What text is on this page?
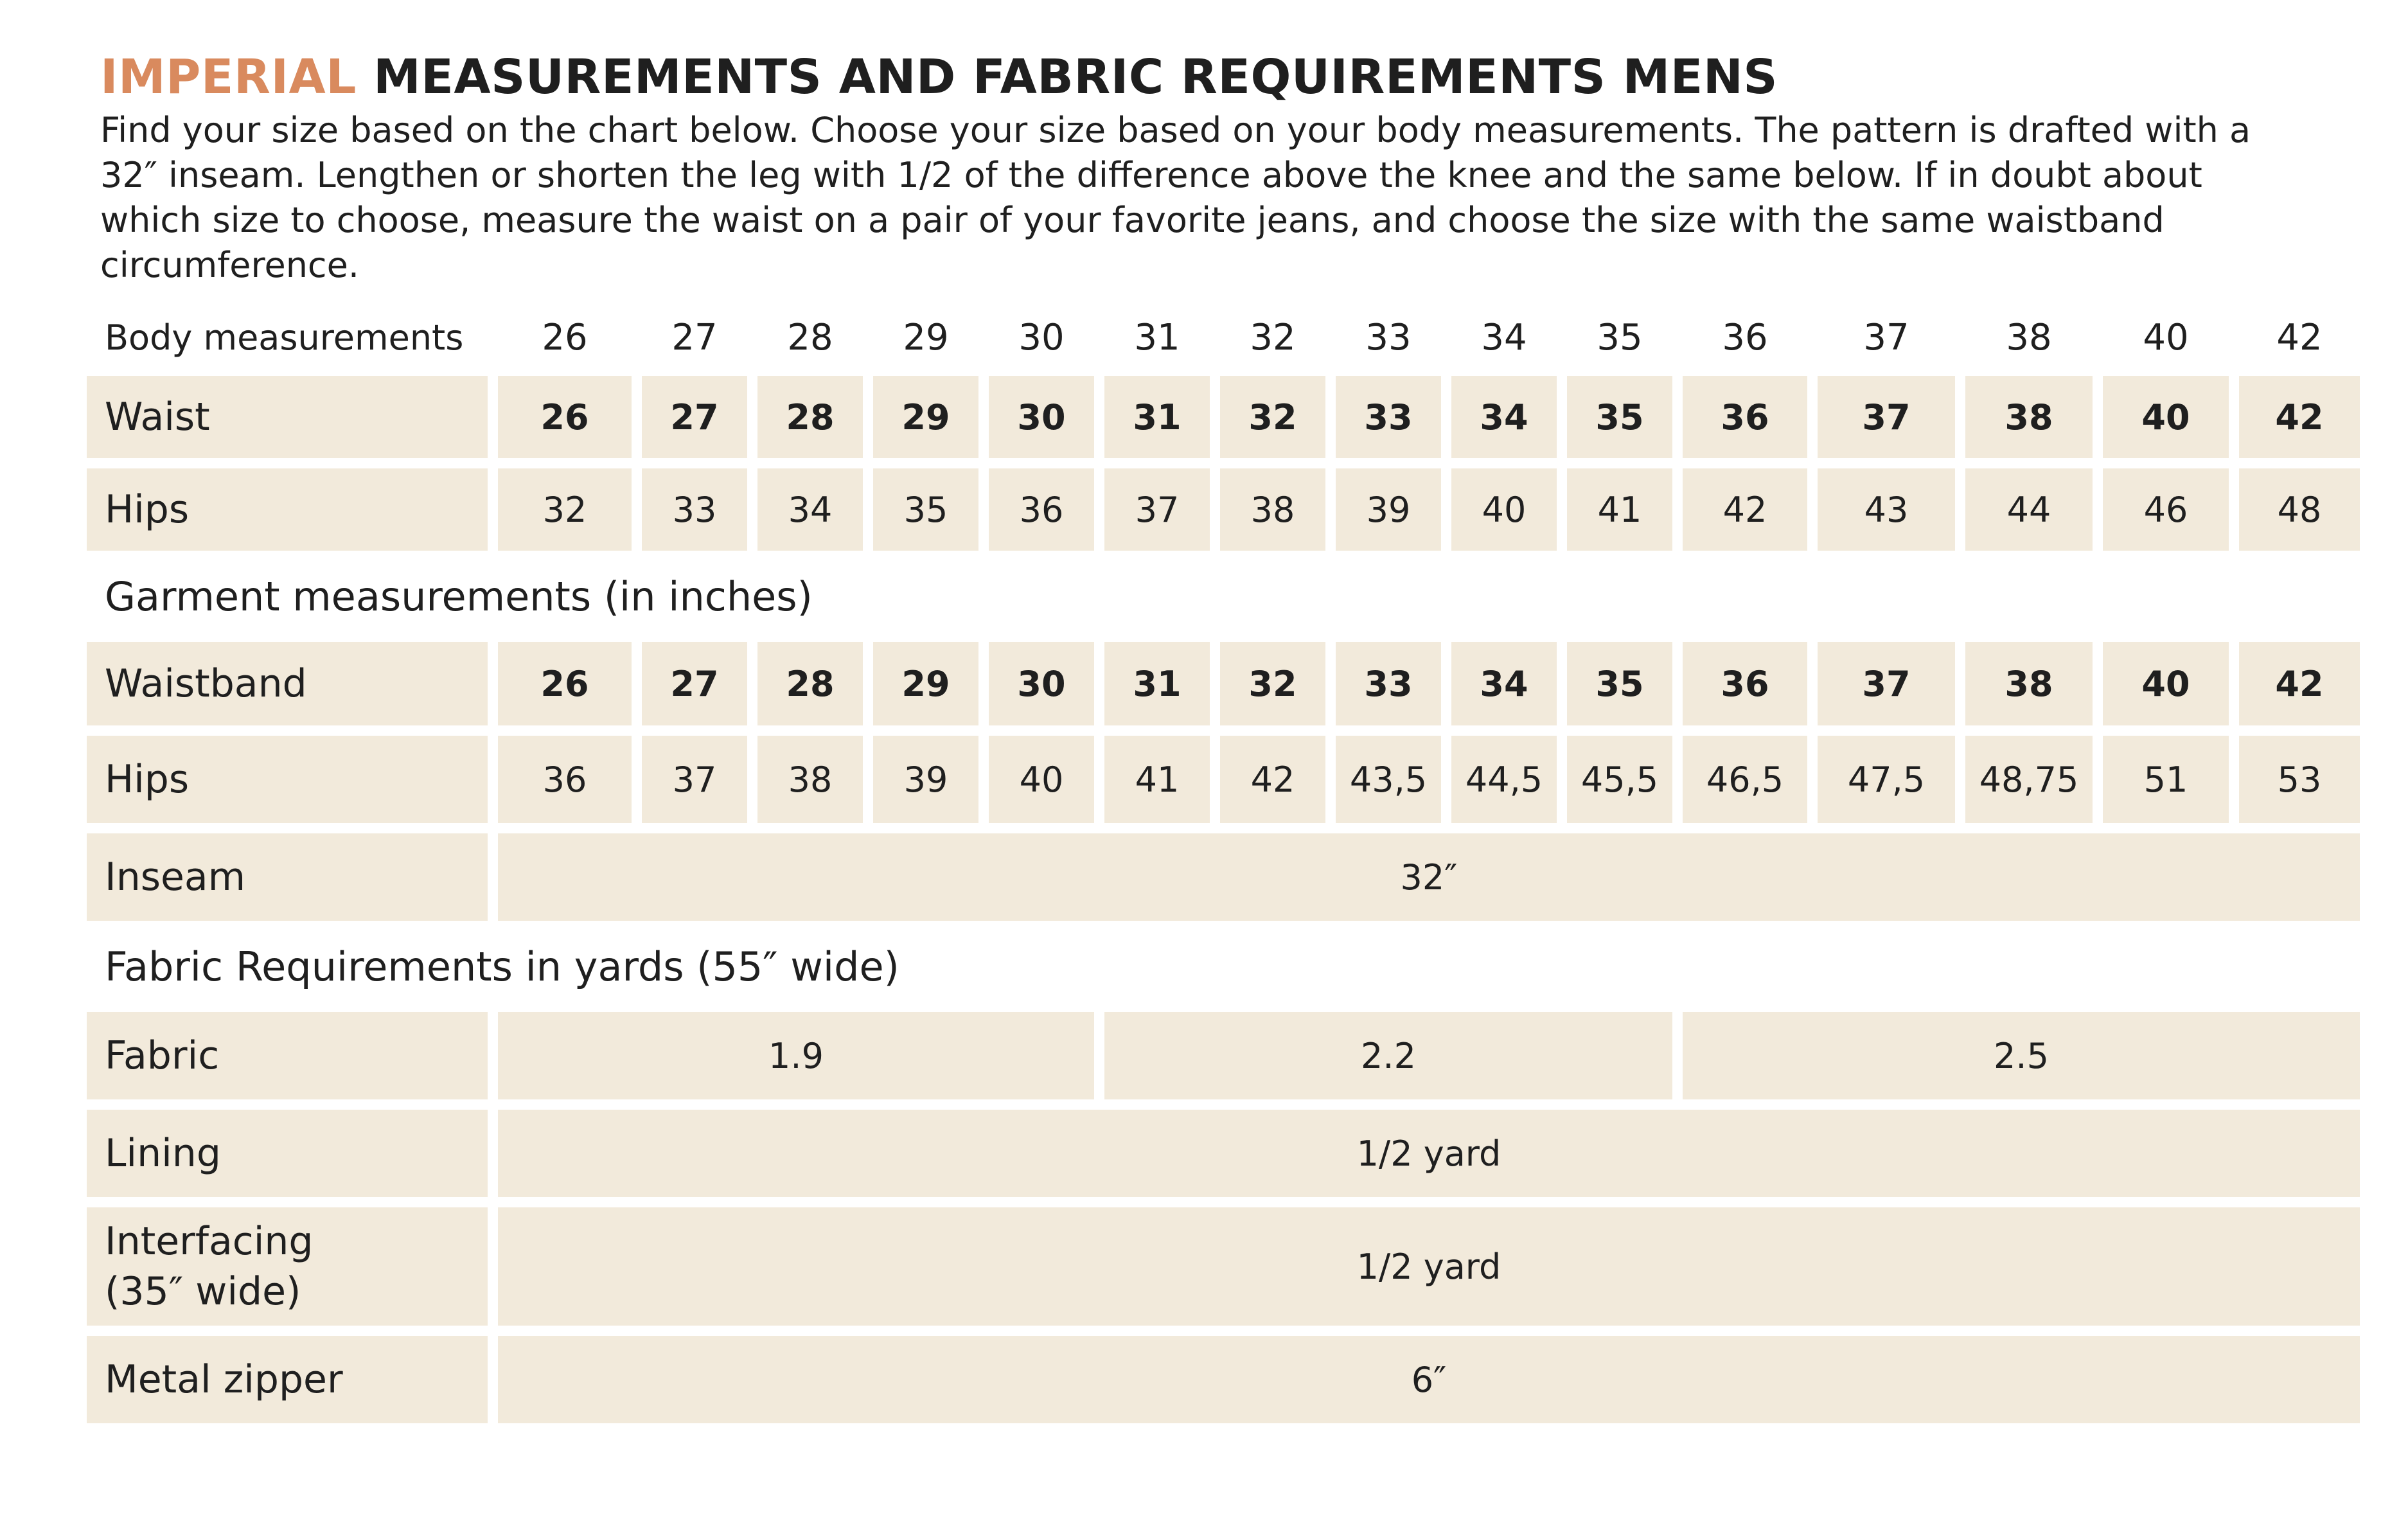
IMPERIAL MEASUREMENTS AND FABRIC REQUIREMENTS MENS
Find your size based on the chart below. Choose your size based on your body measurements. The pattern is drafted with a 32″ inseam. Lengthen or shorten the leg with 1/2 of the difference above the knee and the same below. If in doubt about which size to choose, measure the waist on a pair of your favorite jeans, and choose the size with the same waistband circumference.
Body measurements	26	27	28	29	30	31	32	33	34	35	36	37	38	40	42
Waist	26	27	28	29	30	31	32	33	34	35	36	37	38	40	42
Hips	32	33	34	35	36	37	38	39	40	41	42	43	44	46	48
Garment measurements (in inches)															
Waistband	26	27	28	29	30	31	32	33	34	35	36	37	38	40	42
Hips	36	37	38	39	40	41	42	43,5	44,5	45,5	46,5	47,5	48,75	51	53
Inseam	32″														
Fabric Requirements in yards (55″ wide)															
Fabric	1.9					2.2					2.5				
Lining	1/2 yard														
Interfacing
(35″ wide)	1/2 yard														
Metal zipper	6″														
